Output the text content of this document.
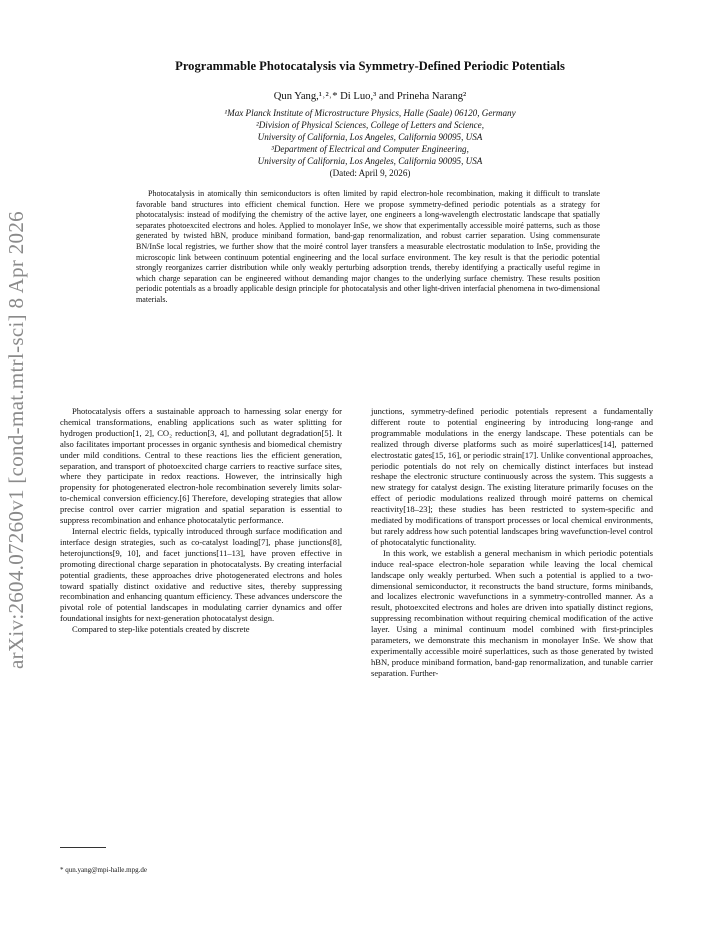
arXiv:2604.07260v1 [cond-mat.mtrl-sci] 8 Apr 2026
Programmable Photocatalysis via Symmetry-Defined Periodic Potentials
Qun Yang,¹˒²˒* Di Luo,³ and Prineha Narang²
¹Max Planck Institute of Microstructure Physics, Halle (Saale) 06120, Germany
²Division of Physical Sciences, College of Letters and Science,
University of California, Los Angeles, California 90095, USA
³Department of Electrical and Computer Engineering,
University of California, Los Angeles, California 90095, USA
(Dated: April 9, 2026)
Photocatalysis in atomically thin semiconductors is often limited by rapid electron-hole recombination, making it difficult to translate favorable band structures into efficient chemical function. Here we propose symmetry-defined periodic potentials as a strategy for photocatalysis: instead of modifying the chemistry of the active layer, one engineers a long-wavelength electrostatic landscape that spatially separates photoexcited electrons and holes. Applied to monolayer InSe, we show that experimentally accessible moiré patterns, such as those generated by twisted hBN, produce miniband formation, band-gap renormalization, and robust carrier separation. Using commensurate BN/InSe local registries, we further show that the moiré control layer transfers a measurable electrostatic modulation to InSe, providing the microscopic link between continuum potential engineering and the local surface environment. The key result is that the periodic potential strongly reorganizes carrier distribution while only weakly perturbing adsorption trends, thereby identifying a practically useful regime in which charge separation can be engineered without demanding major changes to the underlying surface chemistry. These results position periodic potentials as a broadly applicable design principle for photocatalysis and other light-driven interfacial phenomena in two-dimensional materials.

Photocatalysis offers a sustainable approach to harnessing solar energy for chemical transformations, enabling applications such as water splitting for hydrogen production[1, 2], CO₂ reduction[3, 4], and pollutant degradation[5]. It also facilitates important processes in organic synthesis and biomedical chemistry under mild conditions. Central to these reactions lies the efficient generation, separation, and transport of photoexcited charge carriers to reactive surface sites, where they participate in redox reactions. However, the intrinsically high propensity for photogenerated electron-hole recombination severely limits solar-to-chemical conversion efficiency.[6] Therefore, developing strategies that allow precise control over carrier migration and spatial separation is essential to suppress recombination and enhance photocatalytic performance.

Internal electric fields, typically introduced through surface modification and interface design strategies, such as co-catalyst loading[7], phase junctions[8], heterojunctions[9, 10], and facet junctions[11–13], have proven effective in promoting directional charge separation in photocatalysts. By creating interfacial potential gradients, these approaches drive photogenerated electrons and holes toward spatially distinct oxidative and reductive sites, thereby suppressing recombination and enhancing quantum efficiency. These advances underscore the pivotal role of potential landscapes in modulating carrier dynamics and offer foundational insights for next-generation photocatalyst design.

Compared to step-like potentials created by discrete

junctions, symmetry-defined periodic potentials represent a fundamentally different route to potential engineering by introducing long-range and programmable modulations in the energy landscape. These potentials can be realized through diverse platforms such as moiré superlattices[14], patterned electrostatic gates[15, 16], or periodic strain[17]. Unlike conventional approaches, periodic potentials do not rely on chemically distinct interfaces but instead reshape the electronic structure continuously across the system. This suggests a new strategy for catalyst design. The existing literature primarily focuses on the effect of periodic modulations realized through moiré patterns on chemical reactivity[18–23]; these studies has been restricted to system-specific and mediated by modifications of transport processes or local chemical environments, but rarely address how such potential landscapes bring wavefunction-level control of photocatalytic functionality.

In this work, we establish a general mechanism in which periodic potentials induce real-space electron-hole separation while leaving the local chemical landscape only weakly perturbed. When such a potential is applied to a two-dimensional semiconductor, it reconstructs the band structure, forms minibands, and localizes electronic wavefunctions in a symmetry-controlled manner. As a result, photoexcited electrons and holes are driven into spatially distinct regions, suppressing recombination without requiring chemical modification of the active layer. Using a minimal continuum model combined with first-principles parameters, we demonstrate this mechanism in monolayer InSe. We show that experimentally accessible moiré superlattices, such as those generated by twisted hBN, produce miniband formation, band-gap renormalization, and tunable carrier separation. Further-

* qun.yang@mpi-halle.mpg.de
